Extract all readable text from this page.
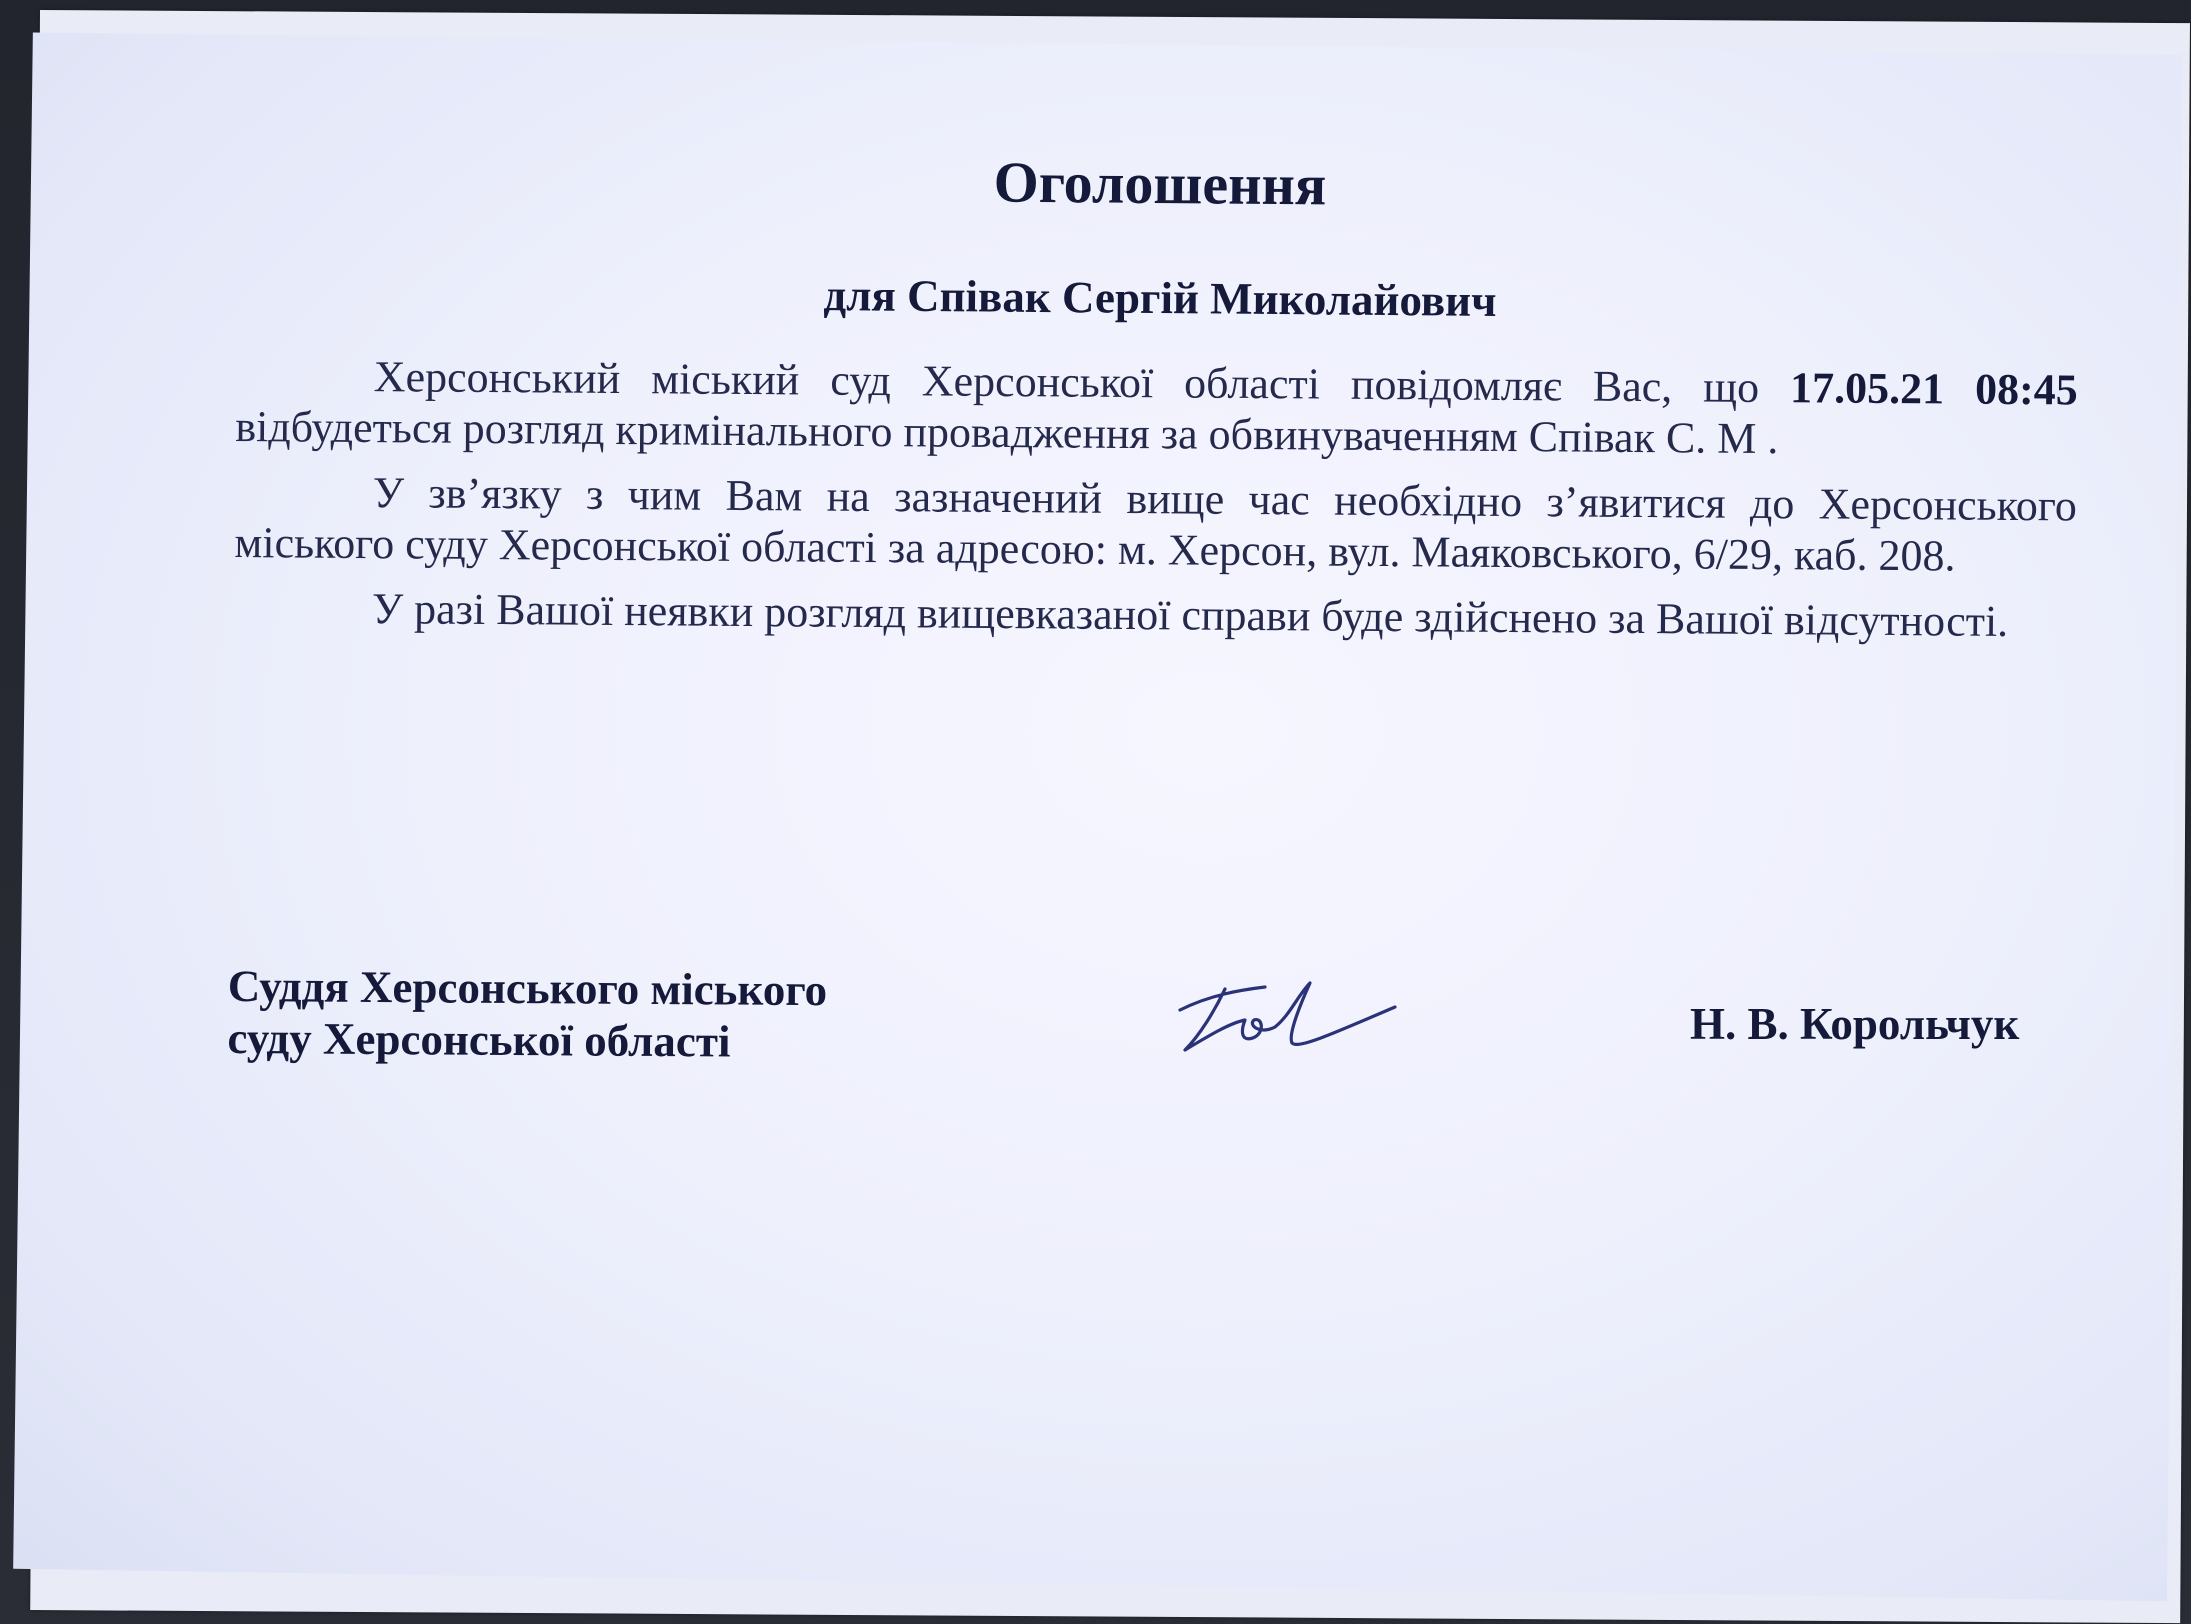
Оголошення
для Співак Сергій Миколайович

Херсонський міський суд Херсонської області повідомляє Вас, що 17.05.21 08:45 відбудеться розгляд кримінального провадження за обвинуваченням Співак С. М .

У зв’язку з чим Вам на зазначений вище час необхідно з’явитися до Херсонського міського суду Херсонської області за адресою: м. Херсон, вул. Маяковського, 6/29, каб. 208.

У разі Вашої неявки розгляд вищевказаної справи буде здійснено за Вашої відсутності.

Суддя Херсонського міського
суду Херсонської області	Н. В. Корольчук
